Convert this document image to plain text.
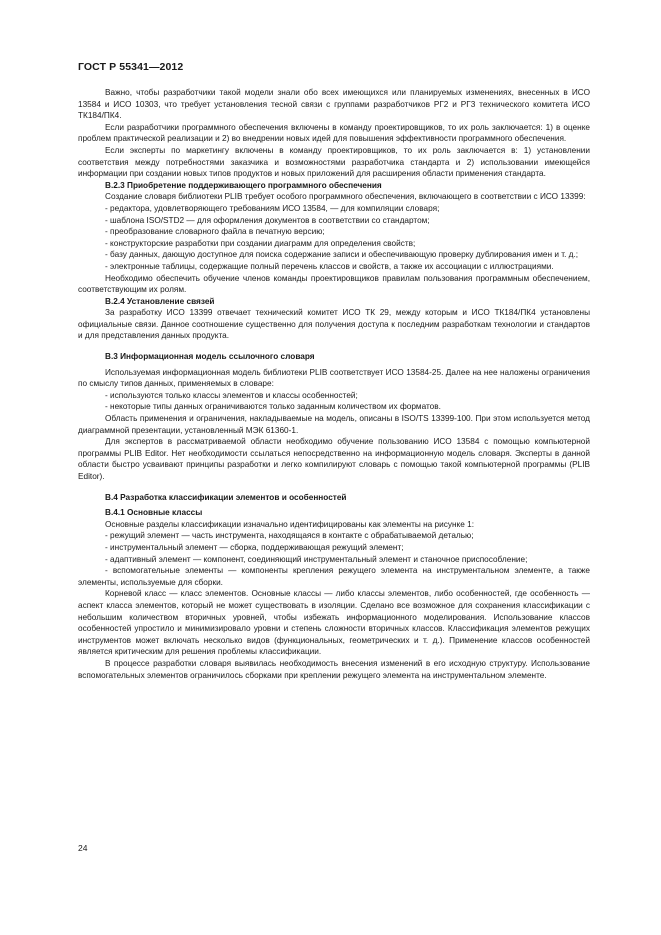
ГОСТ Р 55341—2012

Важно, чтобы разработчики такой модели знали обо всех имеющихся или планируемых изменениях, внесенных в ИСО 13584 и ИСО 10303, что требует установления тесной связи с группами разработчиков РГ2 и РГ3 технического комитета ИСО ТК184/ПК4.

Если разработчики программного обеспечения включены в команду проектировщиков, то их роль заключается: 1) в оценке проблем практической реализации и 2) во внедрении новых идей для повышения эффективности программного обеспечения.

Если эксперты по маркетингу включены в команду проектировщиков, то их роль заключается в: 1) установлении соответствия между потребностями заказчика и возможностями разработчика стандарта и 2) использовании имеющейся информации при создании новых типов продуктов и новых приложений для расширения области применения стандарта.

В.2.3 Приобретение поддерживающего программного обеспечения

Создание словаря библиотеки PLIB требует особого программного обеспечения, включающего в соответствии с ИСО 13399:

- редактора, удовлетворяющего требованиям ИСО 13584, — для компиляции словаря;
- шаблона ISO/STD2 — для оформления документов в соответствии со стандартом;
- преобразование словарного файла в печатную версию;
- конструкторские разработки при создании диаграмм для определения свойств;
- базу данных, дающую доступное для поиска содержание записи и обеспечивающую проверку дублирования имен и т. д.;
- электронные таблицы, содержащие полный перечень классов и свойств, а также их ассоциации с иллюстрациями.

Необходимо обеспечить обучение членов команды проектировщиков правилам пользования программным обеспечением, соответствующим их ролям.

В.2.4 Установление связей

За разработку ИСО 13399 отвечает технический комитет ИСО ТК 29, между которым и ИСО ТК184/ПК4 установлены официальные связи. Данное соотношение существенно для получения доступа к последним разработкам технологии и стандартов и для представления данных продукта.

В.3 Информационная модель ссылочного словаря

Используемая информационная модель библиотеки PLIB соответствует ИСО 13584-25. Далее на нее наложены ограничения по смыслу типов данных, применяемых в словаре:

- используются только классы элементов и классы особенностей;
- некоторые типы данных ограничиваются только заданным количеством их форматов.

Область применения и ограничения, накладываемые на модель, описаны в ISO/TS 13399-100. При этом используется метод диаграммной презентации, установленный МЭК 61360-1.

Для экспертов в рассматриваемой области необходимо обучение пользованию ИСО 13584 с помощью компьютерной программы PLIB Editor. Нет необходимости ссылаться непосредственно на информационную модель словаря. Эксперты в данной области быстро усваивают принципы разработки и легко компилируют словарь с помощью такой компьютерной программы (PLIB Editor).

В.4 Разработка классификации элементов и особенностей
В.4.1 Основные классы

Основные разделы классификации изначально идентифицированы как элементы на рисунке 1:

- режущий элемент — часть инструмента, находящаяся в контакте с обрабатываемой деталью;
- инструментальный элемент — сборка, поддерживающая режущий элемент;
- адаптивный элемент — компонент, соединяющий инструментальный элемент и станочное приспособление;
- вспомогательные элементы — компоненты крепления режущего элемента на инструментальном элементе, а также элементы, используемые для сборки.

Корневой класс — класс элементов. Основные классы — либо классы элементов, либо особенностей, где особенность — аспект класса элементов, который не может существовать в изоляции. Сделано все возможное для сохранения классификации с небольшим количеством вторичных уровней, чтобы избежать информационного моделирования. Использование классов особенностей упростило и минимизировало уровни и степень сложности вторичных классов. Классификация элементов режущих инструментов может включать несколько видов (функциональных, геометрических и т. д.). Применение классов особенностей является критическим для решения проблемы классификации.

В процессе разработки словаря выявилась необходимость внесения изменений в его исходную структуру. Использование вспомогательных элементов ограничилось сборками при креплении режущего элемента на инструментальном элементе.

24
